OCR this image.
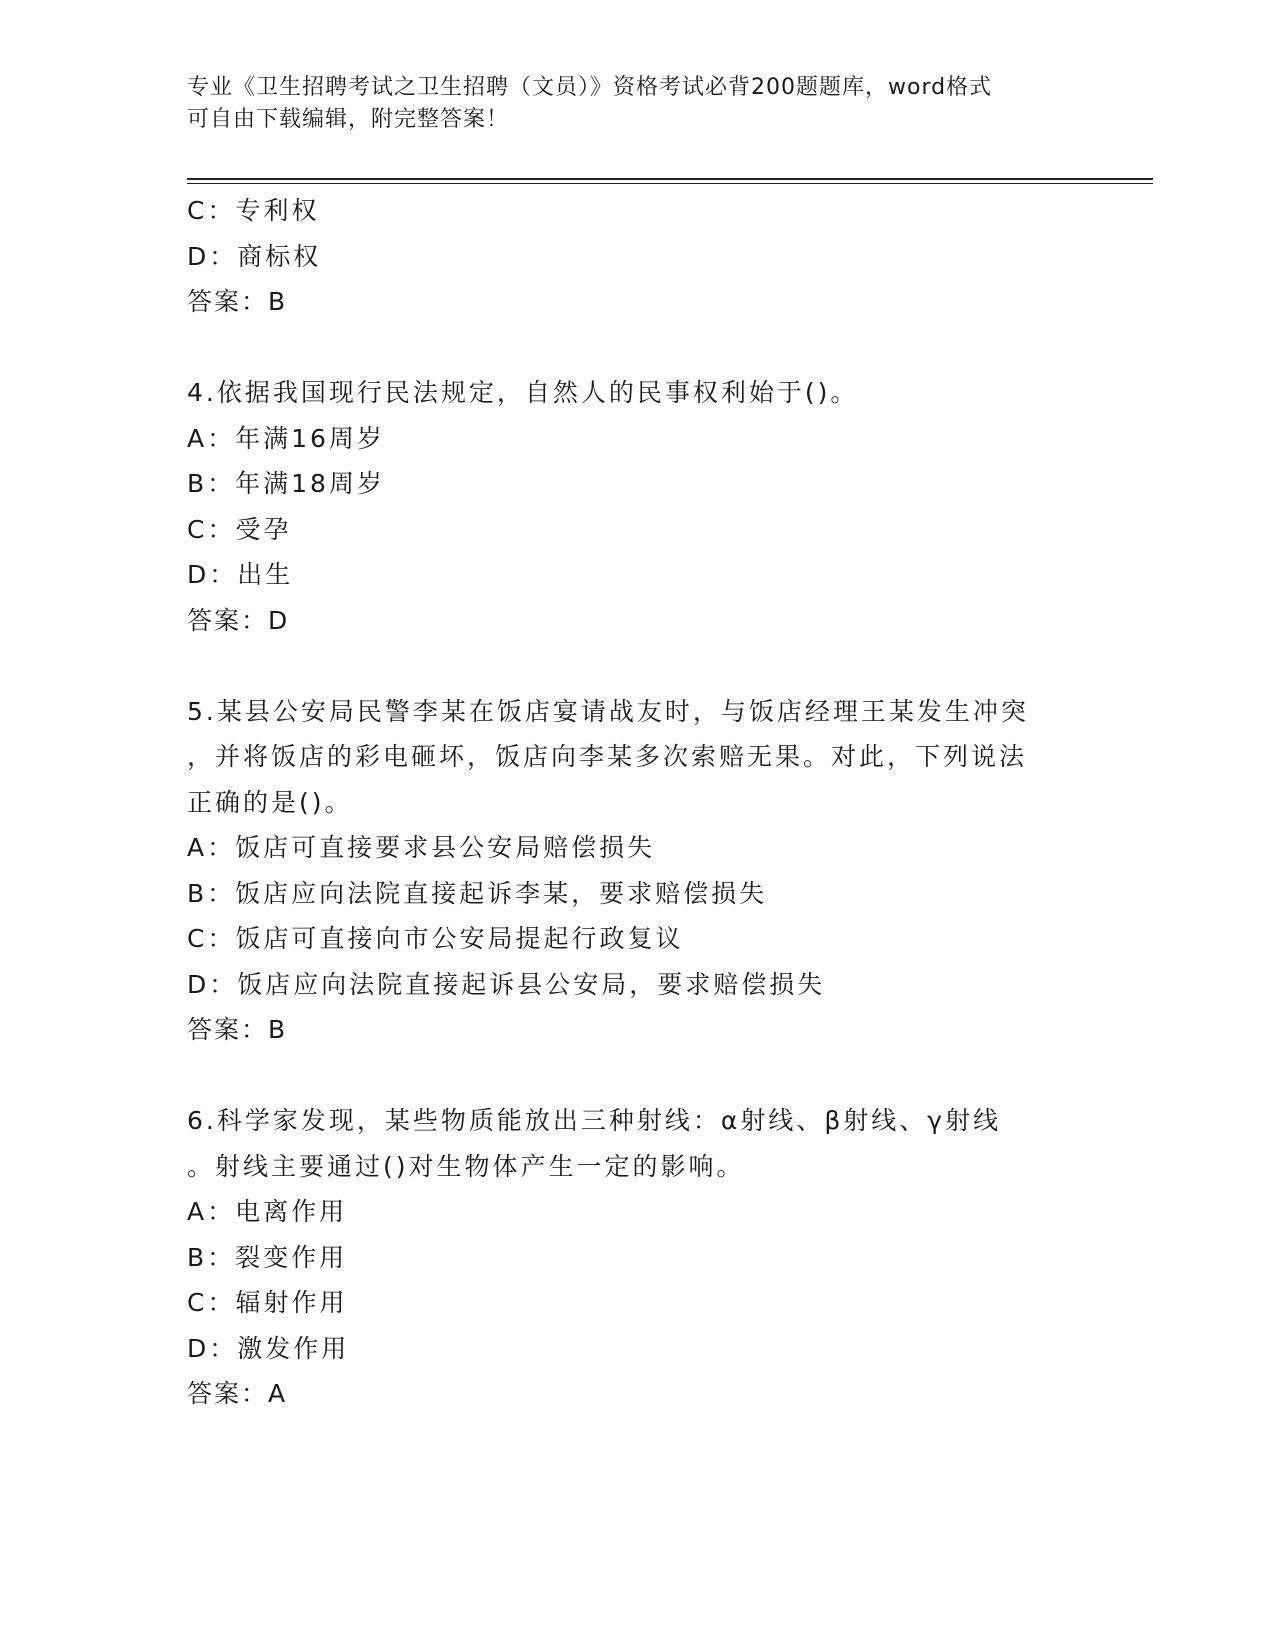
专业《卫生招聘考试之卫生招聘（文员）》资格考试必背200题题库，word格式
可自由下载编辑，附完整答案！
C：专利权
D：商标权
答案：B
4.依据我国现行民法规定，自然人的民事权利始于()。
A：年满16周岁
B：年满18周岁
C：受孕
D：出生
答案：D
5.某县公安局民警李某在饭店宴请战友时，与饭店经理王某发生冲突
，并将饭店的彩电砸坏，饭店向李某多次索赔无果。对此，下列说法
正确的是()。
A：饭店可直接要求县公安局赔偿损失
B：饭店应向法院直接起诉李某，要求赔偿损失
C：饭店可直接向市公安局提起行政复议
D：饭店应向法院直接起诉县公安局，要求赔偿损失
答案：B
6.科学家发现，某些物质能放出三种射线：α射线、β射线、γ射线
。射线主要通过()对生物体产生一定的影响。
A：电离作用
B：裂变作用
C：辐射作用
D：激发作用
答案：A
